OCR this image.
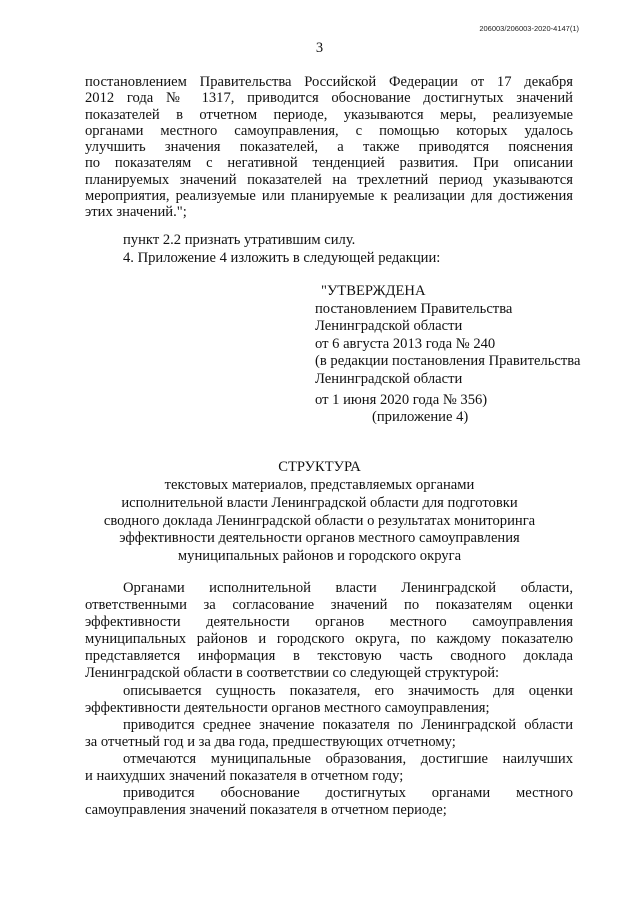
206003/206003-2020-4147(1)
3
постановлением Правительства Российской Федерации от 17 декабря
2012 года № 1317, приводится обоснование достигнутых значений
показателей в отчетном периоде, указываются меры, реализуемые
органами местного самоуправления, с помощью которых удалось
улучшить значения показателей, а также приводятся пояснения
по показателям с негативной тенденцией развития. При описании
планируемых значений показателей на трехлетний период указываются
мероприятия, реализуемые или планируемые к реализации для достижения
этих значений.";
пункт 2.2 признать утратившим силу.
4. Приложение 4 изложить в следующей редакции:
"УТВЕРЖДЕНА
постановлением Правительства
Ленинградской области
от 6 августа 2013 года № 240
(в редакции постановления Правительства
Ленинградской области
от 1 июня 2020 года № 356)
(приложение 4)
СТРУКТУРА
текстовых материалов, представляемых органами
исполнительной власти Ленинградской области для подготовки
сводного доклада Ленинградской области о результатах мониторинга
эффективности деятельности органов местного самоуправления
муниципальных районов и городского округа
Органами исполнительной власти Ленинградской области,
ответственными за согласование значений по показателям оценки
эффективности деятельности органов местного самоуправления
муниципальных районов и городского округа, по каждому показателю
представляется информация в текстовую часть сводного доклада
Ленинградской области в соответствии со следующей структурой:
описывается сущность показателя, его значимость для оценки
эффективности деятельности органов местного самоуправления;
приводится среднее значение показателя по Ленинградской области
за отчетный год и за два года, предшествующих отчетному;
отмечаются муниципальные образования, достигшие наилучших
и наихудших значений показателя в отчетном году;
приводится обоснование достигнутых органами местного
самоуправления значений показателя в отчетном периоде;
